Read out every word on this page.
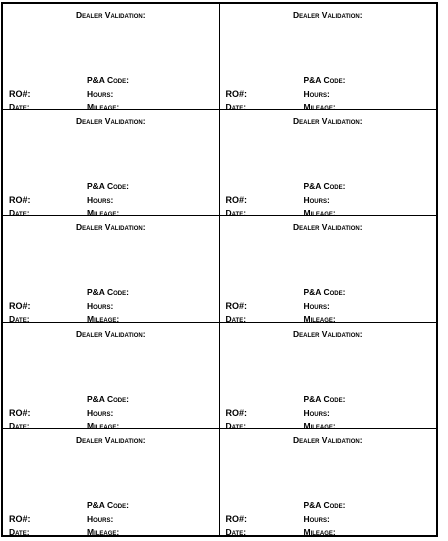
Dealer Validation:
P&A Code:
RO#:	Hours:
Date:	Mileage:
Dealer Validation:
P&A Code:
RO#:	Hours:
Date:	Mileage:
Dealer Validation:
P&A Code:
RO#:	Hours:
Date:	Mileage:
Dealer Validation:
P&A Code:
RO#:	Hours:
Date:	Mileage:
Dealer Validation:
P&A Code:
RO#:	Hours:
Date:	Mileage:
Dealer Validation:
P&A Code:
RO#:	Hours:
Date:	Mileage:
Dealer Validation:
P&A Code:
RO#:	Hours:
Date:	Mileage:
Dealer Validation:
P&A Code:
RO#:	Hours:
Date:	Mileage:
Dealer Validation:
P&A Code:
RO#:	Hours:
Date:	Mileage:
Dealer Validation:
P&A Code:
RO#:	Hours:
Date:	Mileage:
